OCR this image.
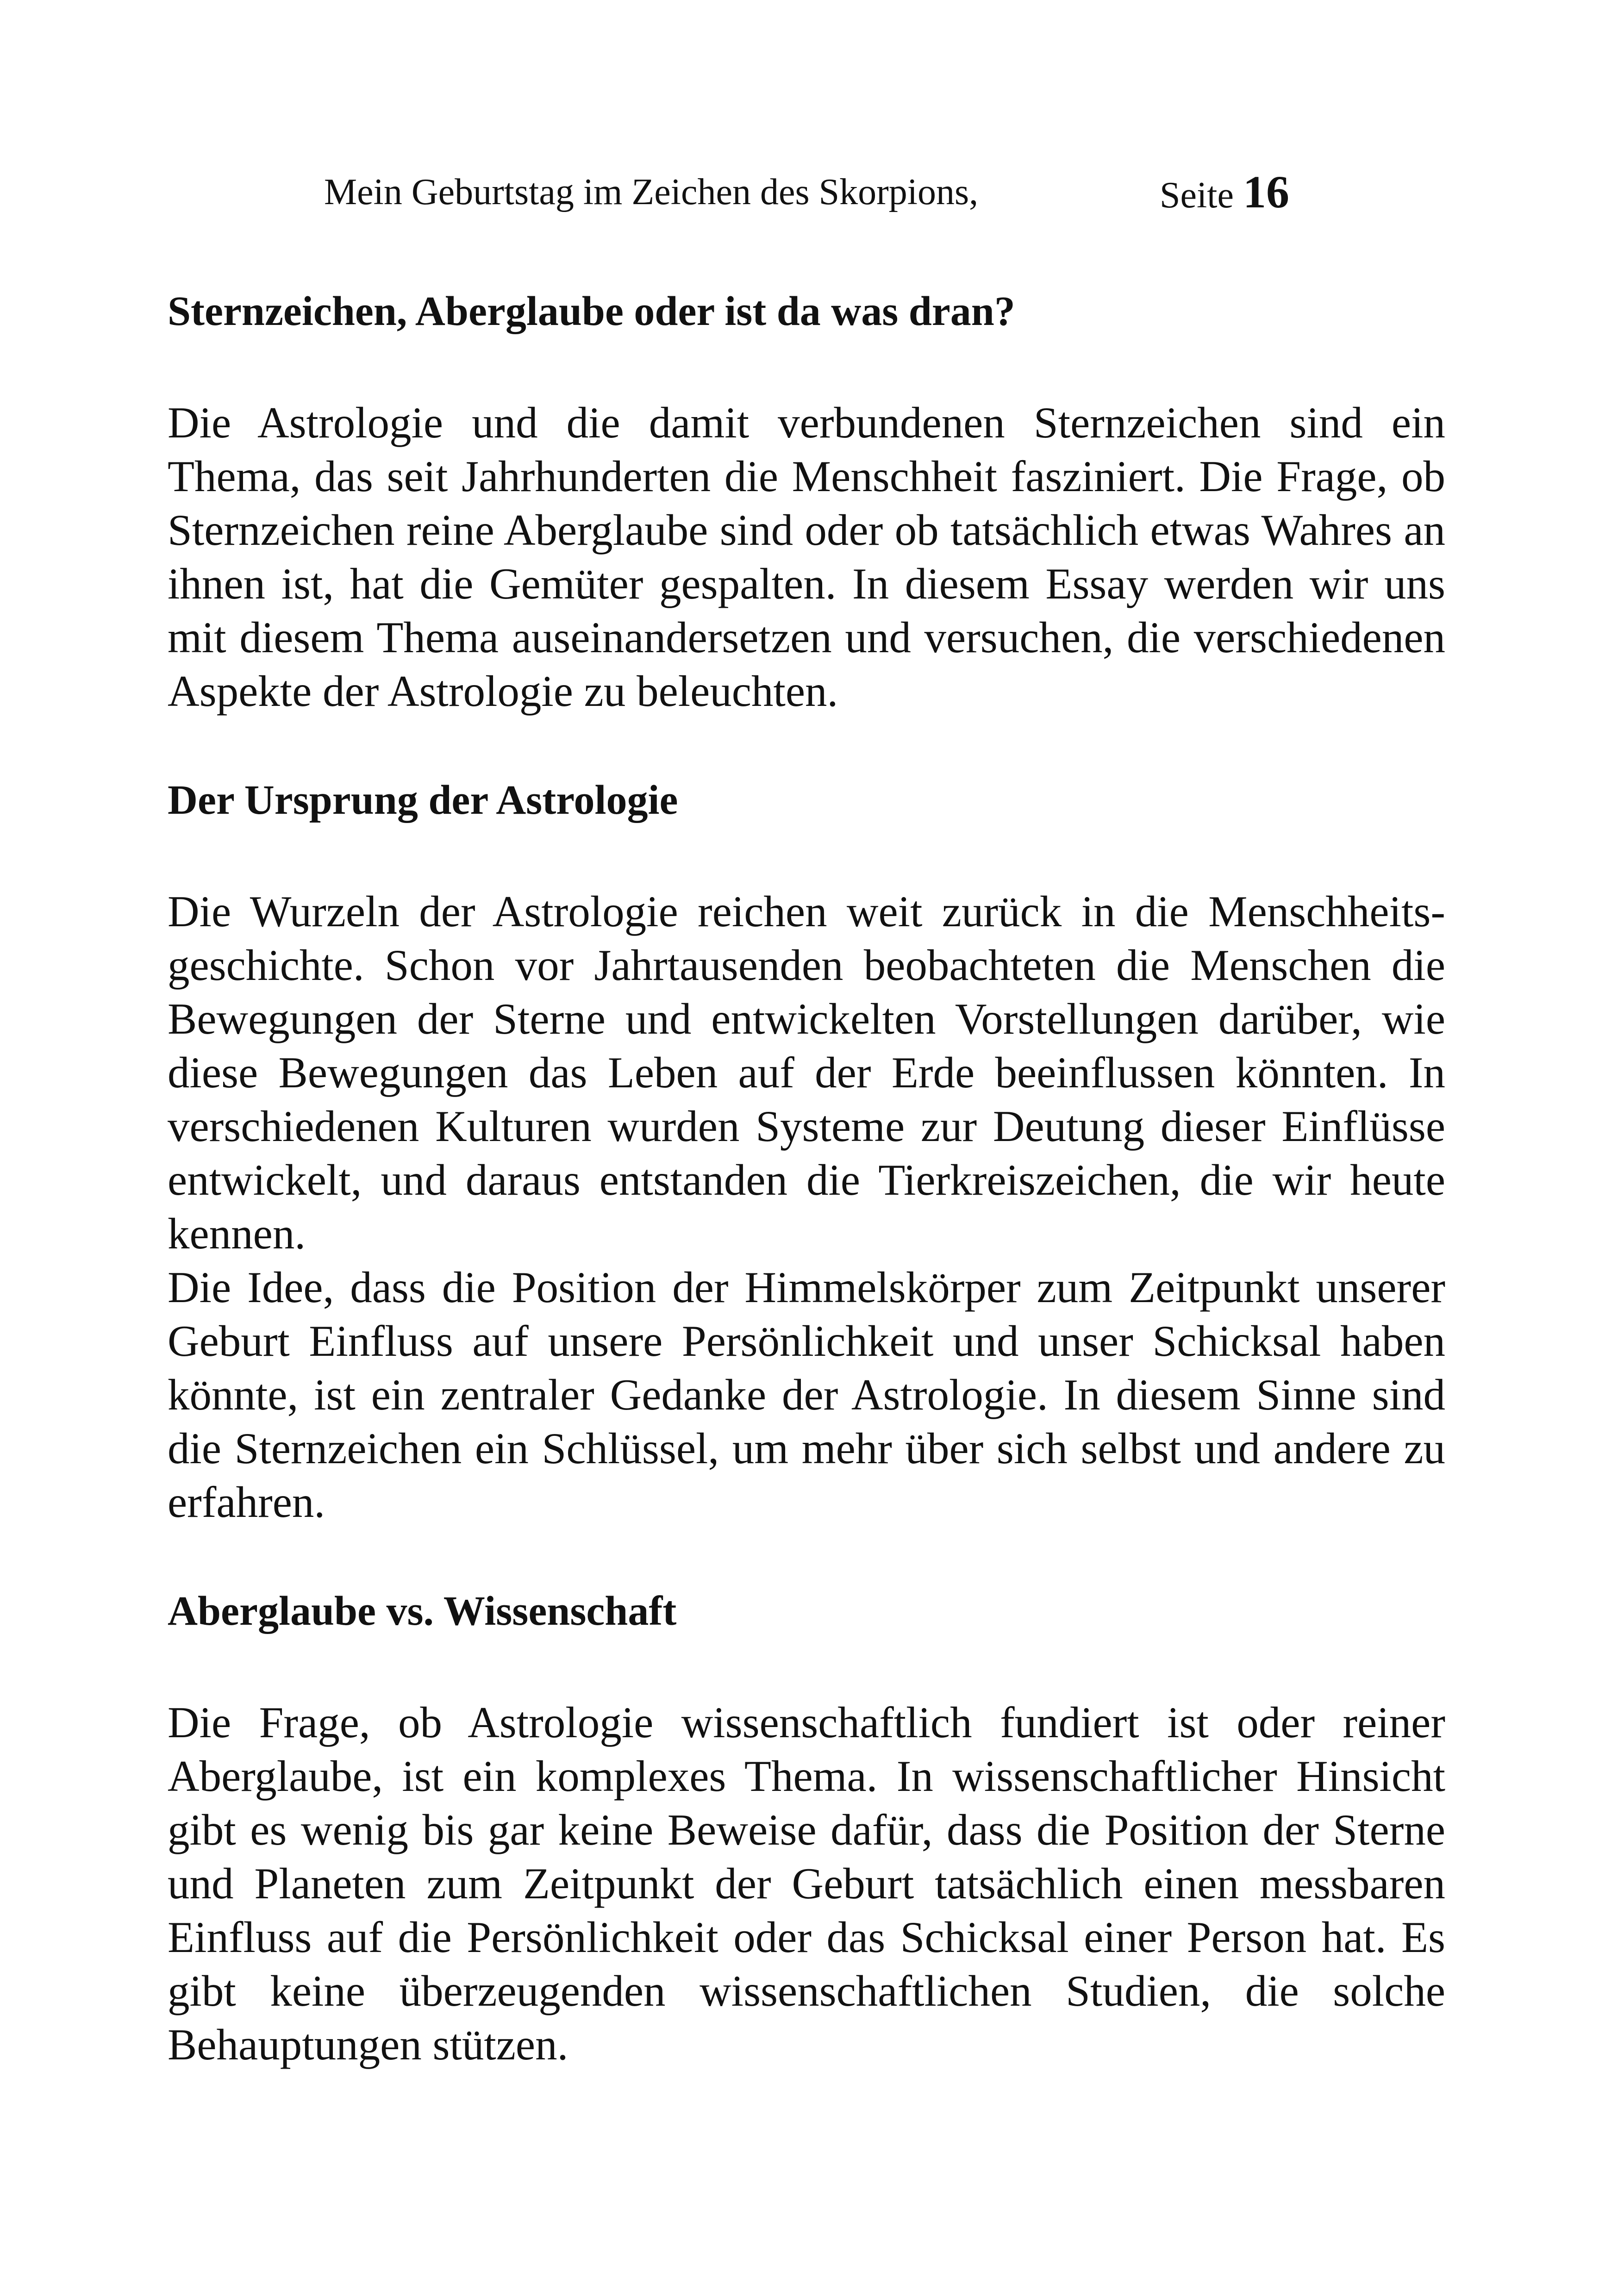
Mein Geburtstag im Zeichen des Skorpions,	Seite 16
Sternzeichen, Aberglaube oder ist da was dran?

Die Astrologie und die damit verbundenen Sternzeichen sind ein Thema, das seit Jahrhunderten die Menschheit fasziniert. Die Frage, ob Sternzeichen reine Aberglaube sind oder ob tatsächlich etwas Wahres an ihnen ist, hat die Gemüter gespalten. In diesem Essay werden wir uns mit diesem Thema auseinandersetzen und versuchen, die verschiedenen Aspekte der Astrologie zu beleuchten.

Der Ursprung der Astrologie

Die Wurzeln der Astrologie reichen weit zurück in die Menschheitsgeschichte. Schon vor Jahrtausenden beobachteten die Menschen die Bewegungen der Sterne und entwickelten Vorstellungen darüber, wie diese Bewegungen das Leben auf der Erde beeinflussen könnten. In verschiedenen Kulturen wurden Systeme zur Deutung dieser Einflüsse entwickelt, und daraus entstanden die Tierkreiszeichen, die wir heute kennen.

Die Idee, dass die Position der Himmelskörper zum Zeitpunkt unserer Geburt Einfluss auf unsere Persönlichkeit und unser Schicksal haben könnte, ist ein zentraler Gedanke der Astrologie. In diesem Sinne sind die Sternzeichen ein Schlüssel, um mehr über sich selbst und andere zu erfahren.

Aberglaube vs. Wissenschaft

Die Frage, ob Astrologie wissenschaftlich fundiert ist oder reiner Aberglaube, ist ein komplexes Thema. In wissenschaftlicher Hinsicht gibt es wenig bis gar keine Beweise dafür, dass die Position der Sterne und Planeten zum Zeitpunkt der Geburt tatsächlich einen messbaren Einfluss auf die Persönlichkeit oder das Schicksal einer Person hat. Es gibt keine überzeugenden wissenschaftlichen Studien, die solche Behauptungen stützen.
